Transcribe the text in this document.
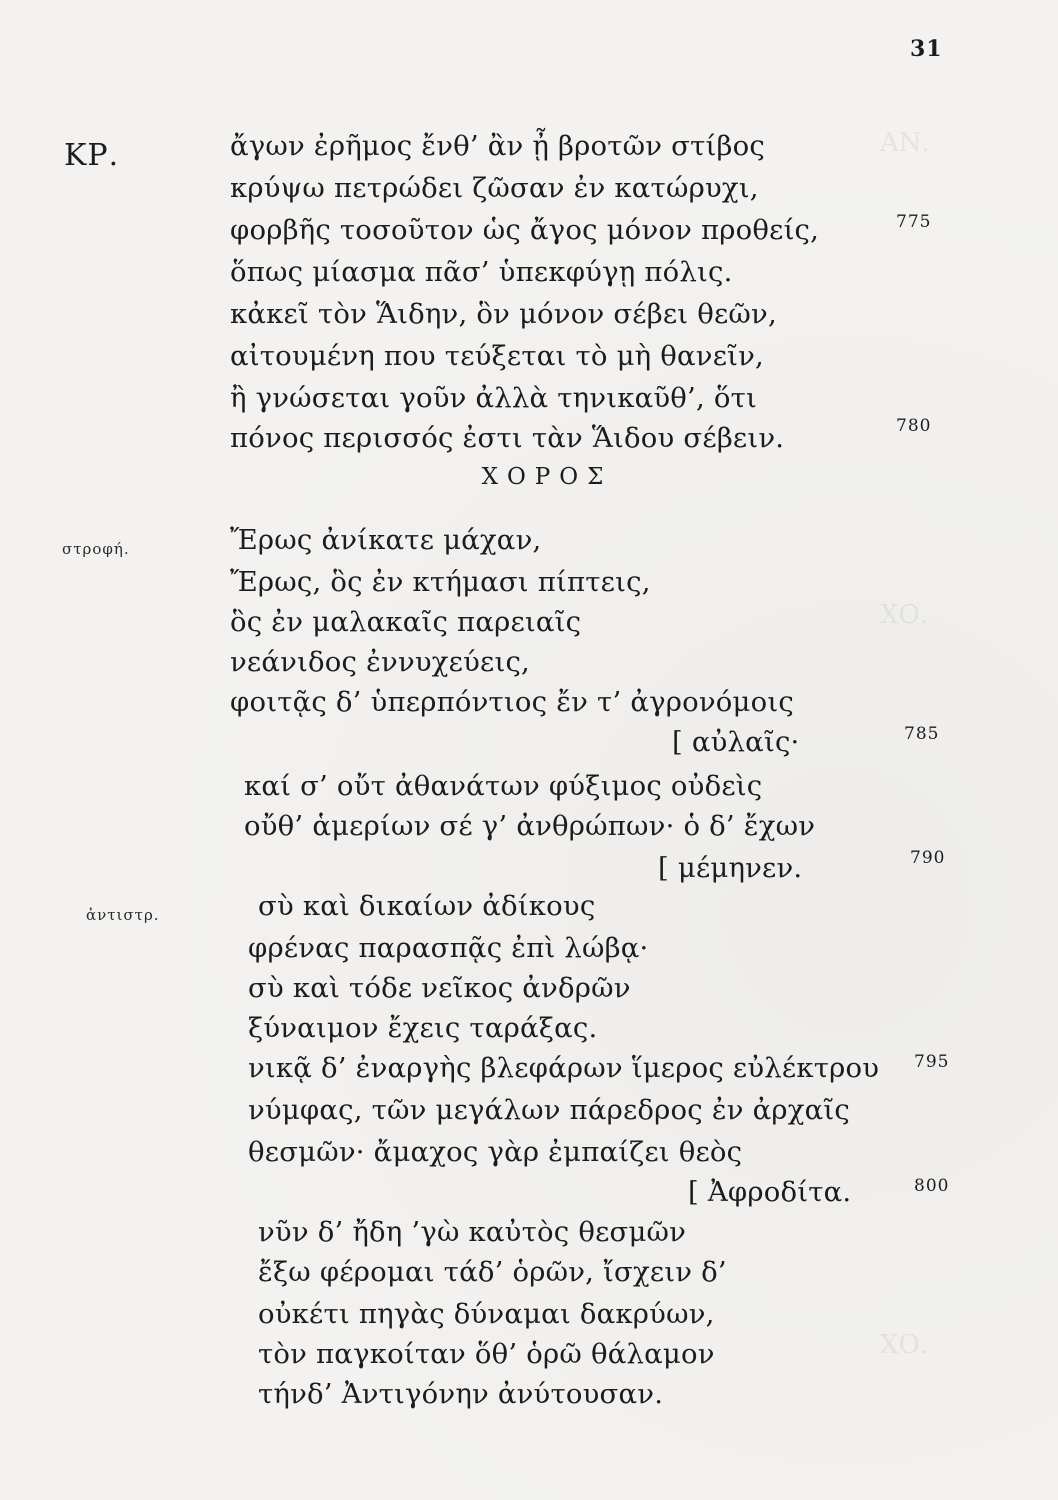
ΑΝ.
ΧΟ.
ΧΟ.
31
ΚΡ.	ἄγων ἐρῆμος ἔνθ’ ἂν ᾖ βροτῶν στίβος
κρύψω πετρώδει ζῶσαν ἐν κατώρυχι,
φορβῆς τοσοῦτον ὡς ἄγος μόνον προθείς,	775
ὅπως μίασμα πᾶσ’ ὑπεκφύγῃ πόλις.
κἀκεῖ τὸν Ἅιδην, ὃν μόνον σέβει θεῶν,
αἰτουμένη που τεύξεται τὸ μὴ θανεῖν,
ἢ γνώσεται γοῦν ἀλλὰ τηνικαῦθ’, ὅτι
πόνος περισσός ἐστι τὰν Ἅιδου σέβειν.	780
ΧΟΡΟΣ
στροφή.	Ἔρως ἀνίκατε μάχαν,
Ἔρως, ὃς ἐν κτήμασι πίπτεις,
ὃς ἐν μαλακαῖς παρειαῖς
νεάνιδος ἐννυχεύεις,
φοιτᾷς δ’ ὑπερπόντιος ἔν τ’ ἀγρονόμοις
[ αὐλαῖς·	785
καί σ’ οὔτ ἀθανάτων φύξιμος οὐδεὶς
οὔθ’ ἁμερίων σέ γ’ ἀνθρώπων· ὁ δ’ ἔχων
[ μέμηνεν.	790
ἀντιστρ.	σὺ καὶ δικαίων ἀδίκους
φρένας παρασπᾷς ἐπὶ λώβᾳ·
σὺ καὶ τόδε νεῖκος ἀνδρῶν
ξύναιμον ἔχεις ταράξας.
νικᾷ δ’ ἐναργὴς βλεφάρων ἵμερος εὐλέκτρου 795
νύμφας, τῶν μεγάλων πάρεδρος ἐν ἀρχαῖς
θεσμῶν· ἄμαχος γὰρ ἐμπαίζει θεὸς
[ Ἀφροδίτα.	800
νῦν δ’ ἤδη ’γὼ καὐτὸς θεσμῶν
ἔξω φέρομαι τάδ’ ὁρῶν, ἴσχειν δ’
οὐκέτι πηγὰς δύναμαι δακρύων,
τὸν παγκοίταν ὅθ’ ὁρῶ θάλαμον
τήνδ’ Ἀντιγόνην ἀνύτουσαν.
